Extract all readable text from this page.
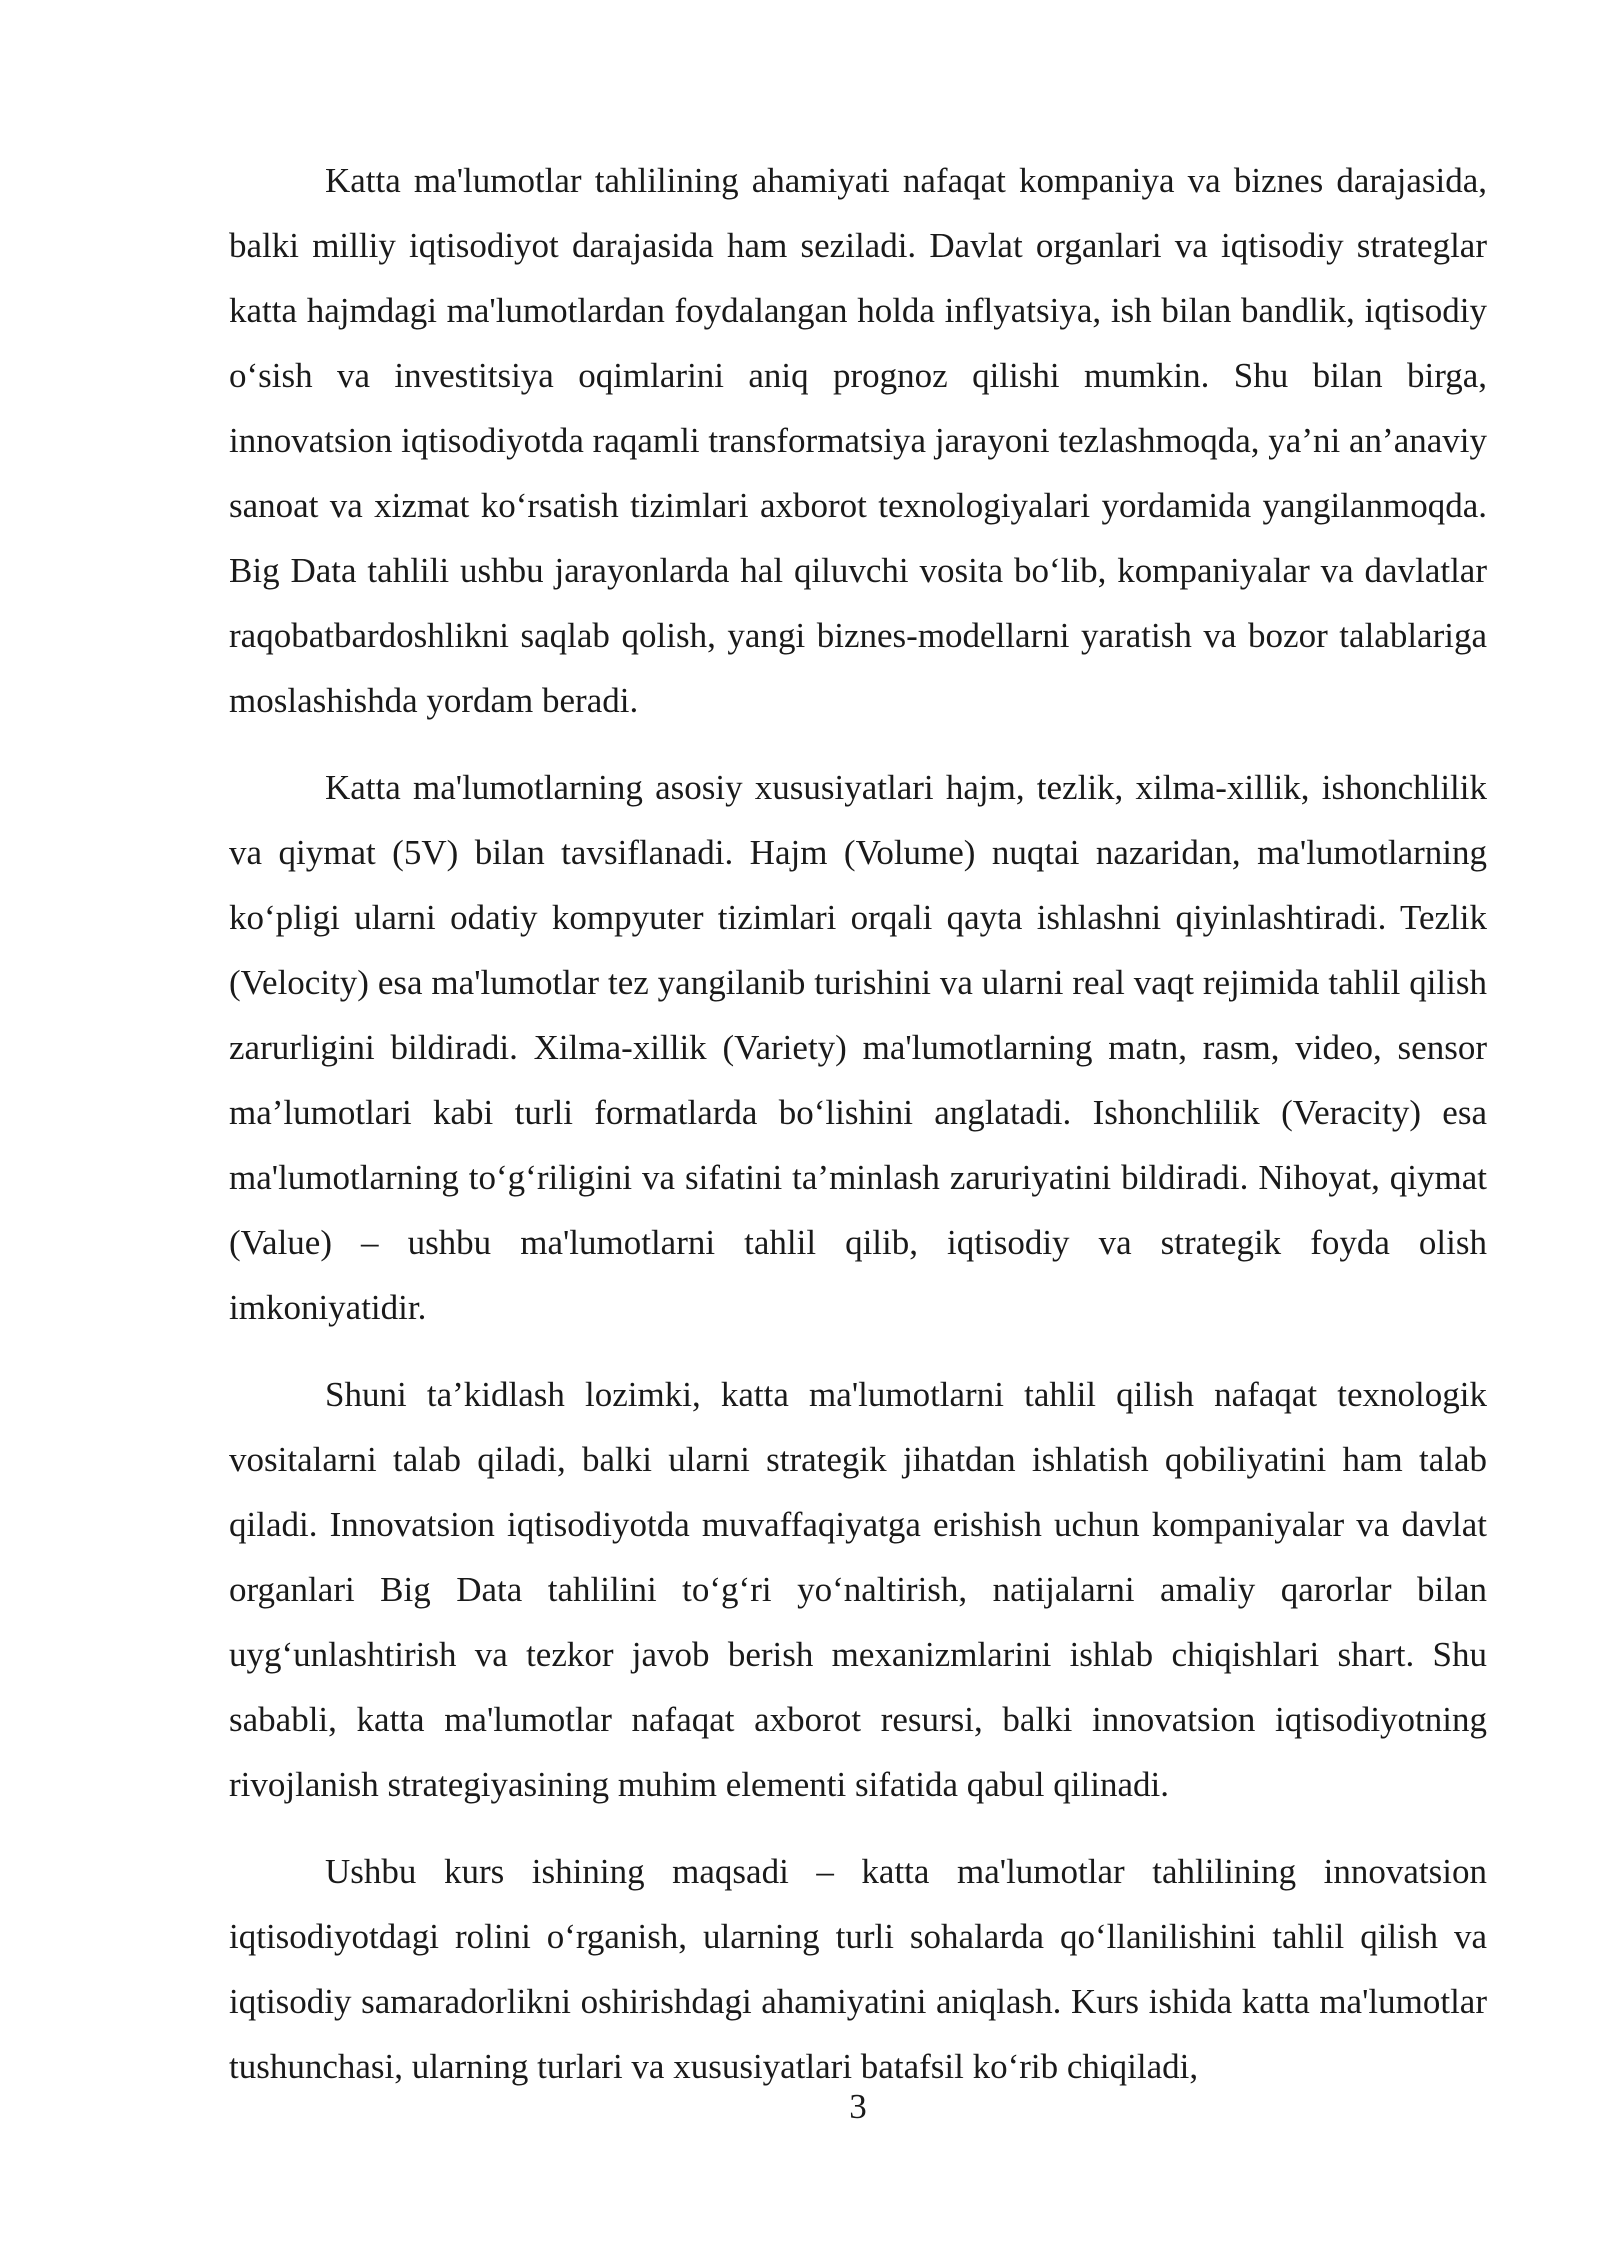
Katta ma'lumotlar tahlilining ahamiyati nafaqat kompaniya va biznes darajasida, balki milliy iqtisodiyot darajasida ham seziladi. Davlat organlari va iqtisodiy strateglar katta hajmdagi ma'lumotlardan foydalangan holda inflyatsiya, ish bilan bandlik, iqtisodiy o‘sish va investitsiya oqimlarini aniq prognoz qilishi mumkin. Shu bilan birga, innovatsion iqtisodiyotda raqamli transformatsiya jarayoni tezlashmoqda, ya’ni an’anaviy sanoat va xizmat ko‘rsatish tizimlari axborot texnologiyalari yordamida yangilanmoqda. Big Data tahlili ushbu jarayonlarda hal qiluvchi vosita bo‘lib, kompaniyalar va davlatlar raqobatbardoshlikni saqlab qolish, yangi biznes-modellarni yaratish va bozor talablariga moslashishda yordam beradi.

Katta ma'lumotlarning asosiy xususiyatlari hajm, tezlik, xilma-xillik, ishonchlilik va qiymat (5V) bilan tavsiflanadi. Hajm (Volume) nuqtai nazaridan, ma'lumotlarning ko‘pligi ularni odatiy kompyuter tizimlari orqali qayta ishlashni qiyinlashtiradi. Tezlik (Velocity) esa ma'lumotlar tez yangilanib turishini va ularni real vaqt rejimida tahlil qilish zarurligini bildiradi. Xilma-xillik (Variety) ma'lumotlarning matn, rasm, video, sensor ma’lumotlari kabi turli formatlarda bo‘lishini anglatadi. Ishonchlilik (Veracity) esa ma'lumotlarning to‘g‘riligini va sifatini ta’minlash zaruriyatini bildiradi. Nihoyat, qiymat (Value) – ushbu ma'lumotlarni tahlil qilib, iqtisodiy va strategik foyda olish imkoniyatidir.

Shuni ta’kidlash lozimki, katta ma'lumotlarni tahlil qilish nafaqat texnologik vositalarni talab qiladi, balki ularni strategik jihatdan ishlatish qobiliyatini ham talab qiladi. Innovatsion iqtisodiyotda muvaffaqiyatga erishish uchun kompaniyalar va davlat organlari Big Data tahlilini to‘g‘ri yo‘naltirish, natijalarni amaliy qarorlar bilan uyg‘unlashtirish va tezkor javob berish mexanizmlarini ishlab chiqishlari shart. Shu sababli, katta ma'lumotlar nafaqat axborot resursi, balki innovatsion iqtisodiyotning rivojlanish strategiyasining muhim elementi sifatida qabul qilinadi.

Ushbu kurs ishining maqsadi – katta ma'lumotlar tahlilining innovatsion iqtisodiyotdagi rolini o‘rganish, ularning turli sohalarda qo‘llanilishini tahlil qilish va iqtisodiy samaradorlikni oshirishdagi ahamiyatini aniqlash. Kurs ishida katta ma'lumotlar tushunchasi, ularning turlari va xususiyatlari batafsil ko‘rib chiqiladi,

3
